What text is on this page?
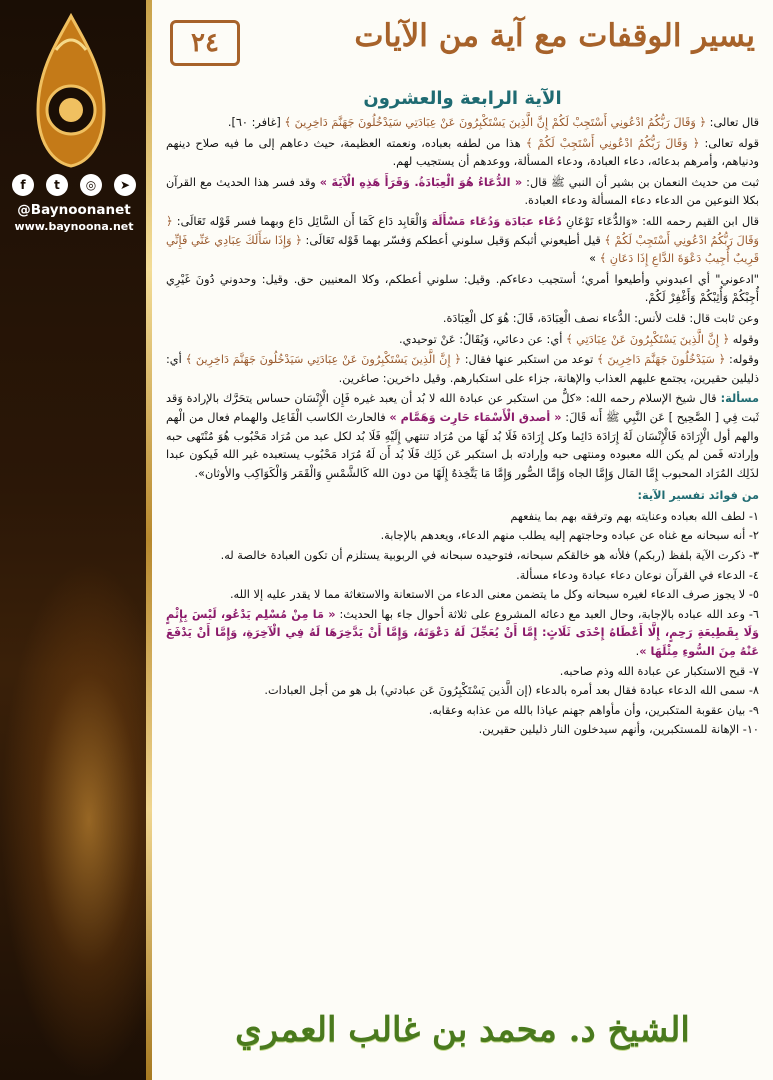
f	t	◎	➤
@Baynoonanet
www.baynoona.net
يسير الوقفات مع آية من الآيات
٢٤
الآية الرابعة والعشرون

قال تعالى: ﴿ وَقَالَ رَبُّكُمُ ادْعُونِي أَسْتَجِبْ لَكُمْ إِنَّ الَّذِينَ يَسْتَكْبِرُونَ عَنْ عِبَادَتِي سَيَدْخُلُونَ جَهَنَّمَ دَاخِرِينَ ﴾ [غافر: ٦٠].

قوله تعالى: ﴿ وَقَالَ رَبُّكُمُ ادْعُونِي أَسْتَجِبْ لَكُمْ ﴾ هذا من لطفه بعباده، ونعمته العظيمة، حيث دعاهم إلى ما فيه صلاح دينهم ودنياهم، وأمرهم بدعائه، دعاء العبادة، ودعاء المسألة، ووعدهم أن يستجيب لهم.

ثبت من حديث النعمان بن بشير أن النبي ﷺ قال: « الدُّعَاءُ هُوَ الْعِبَادَةُ. وَقَرَأَ هَذِهِ الْآيَةَ » وقد فسر هذا الحديث مع القرآن بكلا النوعين من الدعاء دعاء المسألة ودعاء العبادة.

قال ابن القيم رحمه الله: «وَالدُّعَاء نَوْعَانِ دُعَاء عبَادَة وَدُعَاء مَسْأَلَة وَالْعَابِد دَاع كَمَا أَن السَّائِل دَاع وبهما فسر قَوْله تَعَالَى: ﴿ وَقَالَ رَبُّكُمُ ادْعُونِي أَسْتَجِبْ لَكُمْ ﴾ قيل أطيعوني أثبكم وَقيل سلوني أعطكم وَفسّر بهما قَوْله تَعَالَى: ﴿ وَإِذَا سَأَلَكَ عِبَادِي عَنِّي فَإِنِّي قَرِيبٌ أُجِيبُ دَعْوَةَ الدَّاعِ إِذَا دَعَانِ ﴾ »

"ادعوني" أي اعبدوني وأطيعوا أمري؛ أستجيب دعاءكم. وقيل: سلوني أعطكم، وكلا المعنيين حق. وقيل: وحدوني دُونَ غَيْرِي أُجِبْكُمْ وَأُثِبْكُمْ وَأَغْفِرْ لَكُمْ.

وعن ثابت قال: قلت لأنس: الدُّعاء نصف الْعِبَادَة، قَالَ: هُوَ كل الْعِبَادَة.

وقوله ﴿ إِنَّ الَّذِينَ يَسْتَكْبِرُونَ عَنْ عِبَادَتِي ﴾ أي: عن دعائي، وَيُقَالُ: عَنْ توحيدي.

وقوله: ﴿ سَيَدْخُلُونَ جَهَنَّمَ دَاخِرِينَ ﴾ توعد من استكبر عنها فقال: ﴿ إِنَّ الَّذِينَ يَسْتَكْبِرُونَ عَنْ عِبَادَتِي سَيَدْخُلُونَ جَهَنَّمَ دَاخِرِينَ ﴾ أي: ذليلين حقيرين، يجتمع عليهم العذاب والإهانة، جزاء على استكبارهم. وقيل داخرين: صاغرين.

مسألة: قال شيخ الإسلام رحمه الله: «كلُّ من استكبر عن عبادة الله لا بُد أن يعبد غيره فَإِن الْإِنْسَان حساس يتحَرَّك بالإرادة وَقد ثَبت فِي [ الصَّحِيح ] عَن النَّبِي ﷺ أَنه قَالَ: « أصدق الْأَسْمَاء حَارِث وَهَمَّام » فالحارث الكاسب الْفَاعِل والهمام فعال من الْهم والهم أول الْإِرَادَة فَالْإِنْسَان لَهُ إِرَادَة دَائِما وكل إِرَادَة فَلَا بُد لَهَا من مُرَاد تنتهي إِلَيْهِ فَلَا بُد لكل عبد من مُرَاد مَحْبُوب هُوَ مُنْتَهى حبه وإرادته فَمن لم يكن الله معبوده ومنتهى حبه وإرادته بل استكبر عَن ذَلِك فَلَا بُد أَن لَهُ مُرَاد مَحْبُوب يستعبده غير الله فَيكون عبدا لذَلِك المُرَاد المحبوب إِمَّا المَال وَإِمَّا الجاه وَإِمَّا الصُّور وَإِمَّا مَا يَتَّخِذهُ إِلَهًا من دون الله كَالشَّمْسِ وَالْقَمَر وَالْكَوَاكِب والأوثان».

من فوائد تفسير الآية:

١- لطف الله بعباده وعنايته بهم وترفقه بهم بما ينفعهم

٢- أنه سبحانه مع غناه عن عباده وحاجتهم إليه يطلب منهم الدعاء، ويعدهم بالإجابة.

٣- ذكرت الآية بلفظ (ربكم) فلأنه هو خالقكم سبحانه، فتوحيده سبحانه في الربوبية يستلزم أن تكون العبادة خالصة له.

٤- الدعاء في القرآن نوعان دعاء عبادة ودعاء مسألة.

٥- لا يجوز صرف الدعاء لغيره سبحانه وكل ما يتضمن معنى الدعاء من الاستعانة والاستغاثة مما لا يقدر عليه إلا الله.

٦- وعد الله عباده بالإجابة، وحال العبد مع دعائه المشروع على ثلاثة أحوال جاء بها الحديث: « مَا مِنْ مُسْلِم يَدْعُو، لَيْسَ بِإِثْمٍ وَلَا بِقَطِيعَةِ رَحِمٍ، إِلَّا أَعْطَاهُ إِحْدَى ثَلَاثٍ: إِمَّا أَنْ يُعَجِّلَ لَهُ دَعْوَتَهُ، وَإِمَّا أَنْ يَدَّخِرَهَا لَهُ فِي الْآخِرَةِ، وَإِمَّا أَنْ يَدْفَعَ عَنْهُ مِنَ السُّوءِ مِثْلَهَا ».

٧- قبح الاستكبار عن عبادة الله وذم صاحبه.

٨- سمى الله الدعاء عبادة فقال بعد أمره بالدعاء (إن الَّذين يَسْتَكْبِرُونَ عَن عبادتي) بل هو من أجل العبادات.

٩- بيان عقوبة المتكبرين، وأن مأواهم جهنم عياذا بالله من عذابه وعقابه.

١٠- الإهانة للمستكبرين، وأنهم سيدخلون النار ذليلين حقيرين.

الشيخ د. محمد بن غالب العمري
